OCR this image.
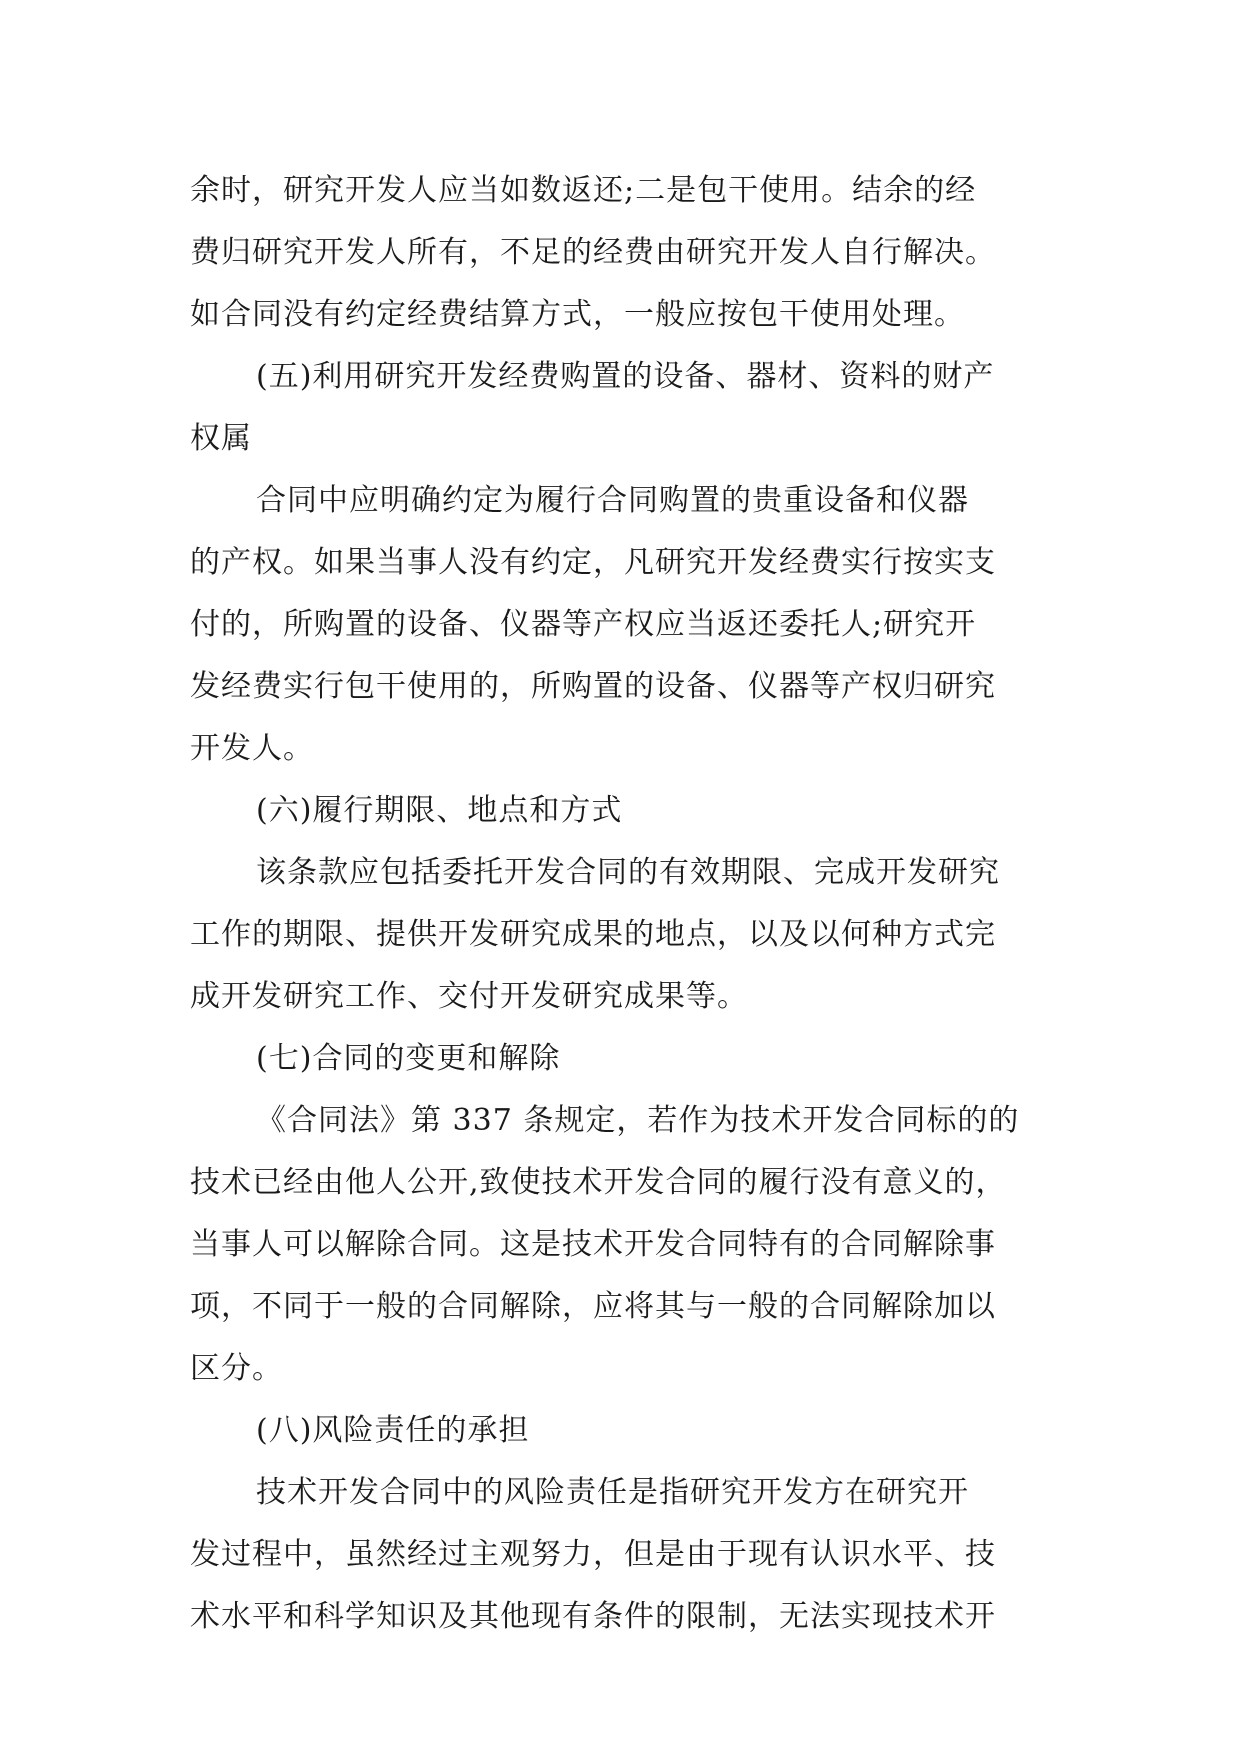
余时，研究开发人应当如数返还;二是包干使用。结余的经
费归研究开发人所有，不足的经费由研究开发人自行解决。
如合同没有约定经费结算方式，一般应按包干使用处理。
(五)利用研究开发经费购置的设备、器材、资料的财产
权属
合同中应明确约定为履行合同购置的贵重设备和仪器
的产权。如果当事人没有约定，凡研究开发经费实行按实支
付的，所购置的设备、仪器等产权应当返还委托人;研究开
发经费实行包干使用的，所购置的设备、仪器等产权归研究
开发人。
(六)履行期限、地点和方式
该条款应包括委托开发合同的有效期限、完成开发研究
工作的期限、提供开发研究成果的地点，以及以何种方式完
成开发研究工作、交付开发研究成果等。
(七)合同的变更和解除
《合同法》第 337 条规定，若作为技术开发合同标的的
技术已经由他人公开,致使技术开发合同的履行没有意义的，
当事人可以解除合同。这是技术开发合同特有的合同解除事
项，不同于一般的合同解除，应将其与一般的合同解除加以
区分。
(八)风险责任的承担
技术开发合同中的风险责任是指研究开发方在研究开
发过程中，虽然经过主观努力，但是由于现有认识水平、技
术水平和科学知识及其他现有条件的限制，无法实现技术开
